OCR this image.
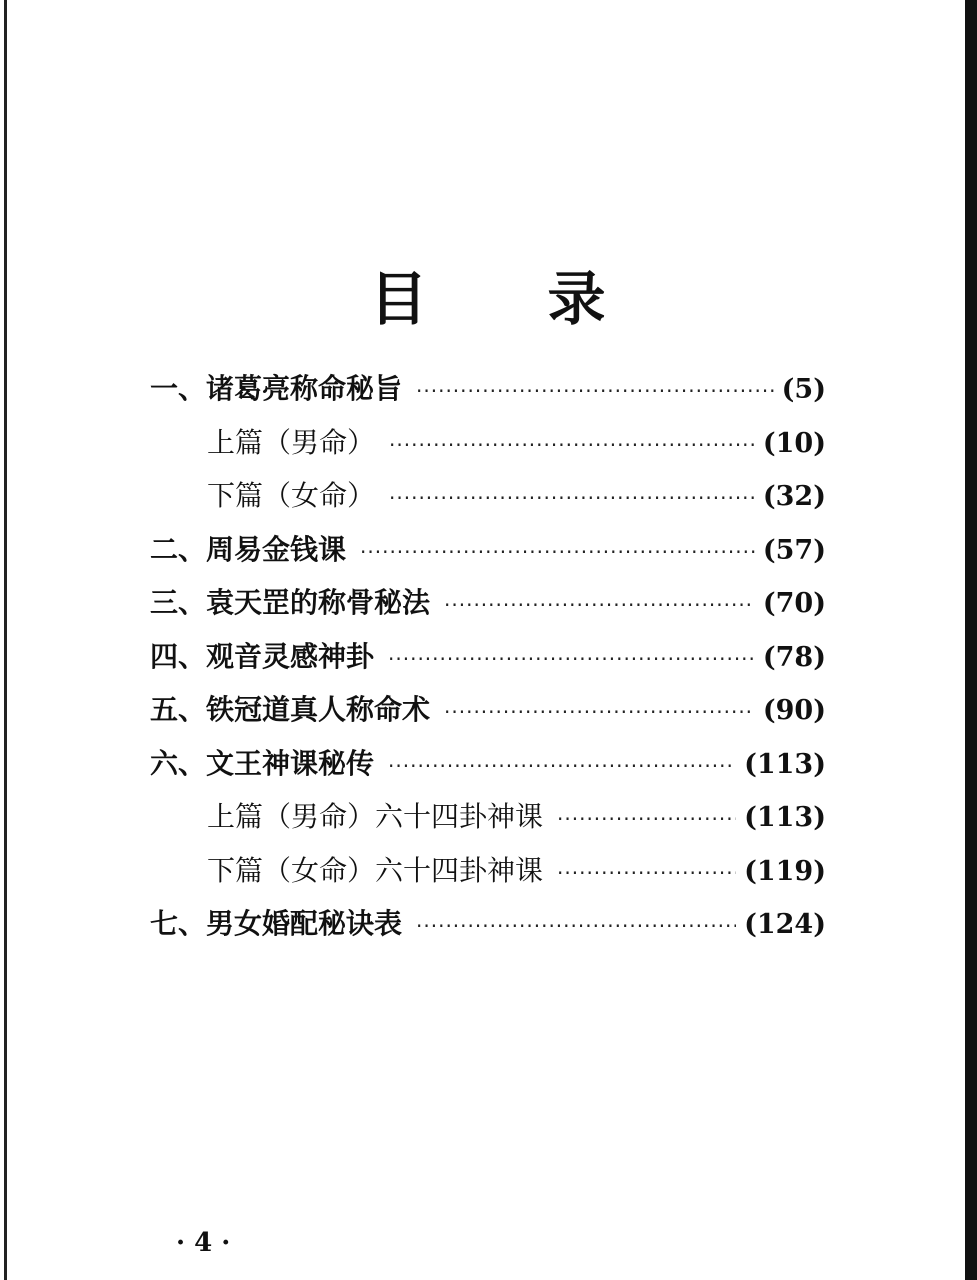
目 录
一、诸葛亮称命秘旨 ·····	(5)
上篇（男命） ·····	(10)
下篇（女命） ·····	(32)
二、周易金钱课 ·····	(57)
三、袁天罡的称骨秘法 ·····	(70)
四、观音灵感神卦 ·····	(78)
五、铁冠道真人称命术 ·····	(90)
六、文王神课秘传 ·····	(113)
上篇（男命）六十四卦神课 ·····	(113)
下篇（女命）六十四卦神课 ·····	(119)
七、男女婚配秘诀表 ·····	(124)
· 4 ·
